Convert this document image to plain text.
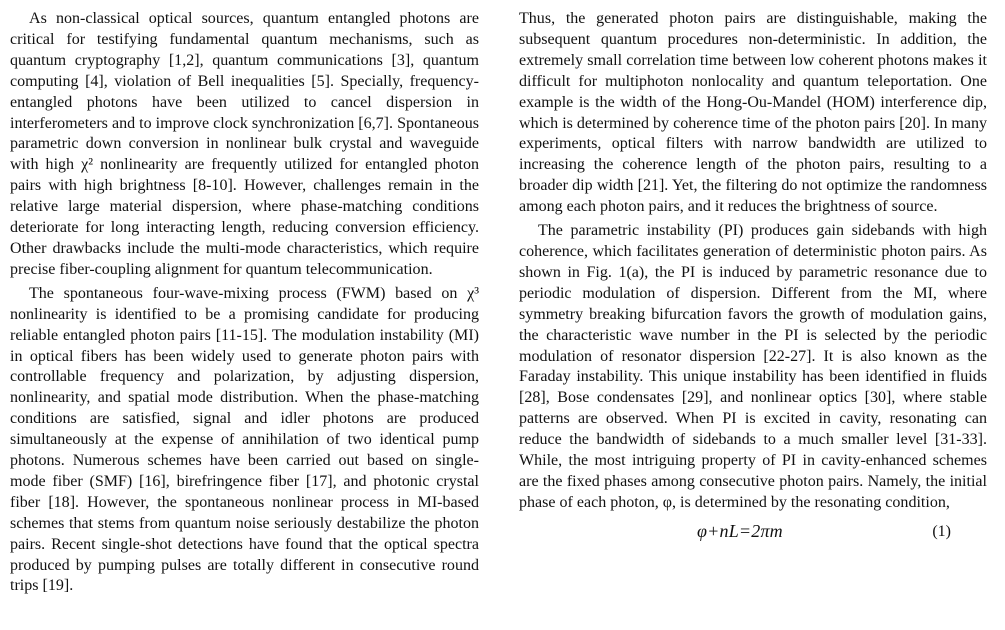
As non-classical optical sources, quantum entangled photons are critical for testifying fundamental quantum mechanisms, such as quantum cryptography [1,2], quantum communications [3], quantum computing [4], violation of Bell inequalities [5]. Specially, frequency-entangled photons have been utilized to cancel dispersion in interferometers and to improve clock synchronization [6,7]. Spontaneous parametric down conversion in nonlinear bulk crystal and waveguide with high χ² nonlinearity are frequently utilized for entangled photon pairs with high brightness [8-10]. However, challenges remain in the relative large material dispersion, where phase-matching conditions deteriorate for long interacting length, reducing conversion efficiency. Other drawbacks include the multi-mode characteristics, which require precise fiber-coupling alignment for quantum telecommunication.

The spontaneous four-wave-mixing process (FWM) based on χ³ nonlinearity is identified to be a promising candidate for producing reliable entangled photon pairs [11-15]. The modulation instability (MI) in optical fibers has been widely used to generate photon pairs with controllable frequency and polarization, by adjusting dispersion, nonlinearity, and spatial mode distribution. When the phase-matching conditions are satisfied, signal and idler photons are produced simultaneously at the expense of annihilation of two identical pump photons. Numerous schemes have been carried out based on single-mode fiber (SMF) [16], birefringence fiber [17], and photonic crystal fiber [18]. However, the spontaneous nonlinear process in MI-based schemes that stems from quantum noise seriously destabilize the photon pairs. Recent single-shot detections have found that the optical spectra produced by pumping pulses are totally different in consecutive round trips [19].

Thus, the generated photon pairs are distinguishable, making the subsequent quantum procedures non-deterministic. In addition, the extremely small correlation time between low coherent photons makes it difficult for multiphoton nonlocality and quantum teleportation. One example is the width of the Hong-Ou-Mandel (HOM) interference dip, which is determined by coherence time of the photon pairs [20]. In many experiments, optical filters with narrow bandwidth are utilized to increasing the coherence length of the photon pairs, resulting to a broader dip width [21]. Yet, the filtering do not optimize the randomness among each photon pairs, and it reduces the brightness of source.

The parametric instability (PI) produces gain sidebands with high coherence, which facilitates generation of deterministic photon pairs. As shown in Fig. 1(a), the PI is induced by parametric resonance due to periodic modulation of dispersion. Different from the MI, where symmetry breaking bifurcation favors the growth of modulation gains, the characteristic wave number in the PI is selected by the periodic modulation of resonator dispersion [22-27]. It is also known as the Faraday instability. This unique instability has been identified in fluids [28], Bose condensates [29], and nonlinear optics [30], where stable patterns are observed. When PI is excited in cavity, resonating can reduce the bandwidth of sidebands to a much smaller level [31-33]. While, the most intriguing property of PI in cavity-enhanced schemes are the fixed phases among consecutive photon pairs. Namely, the initial phase of each photon, φ, is determined by the resonating condition,

φ+nL=2πm	(1)
